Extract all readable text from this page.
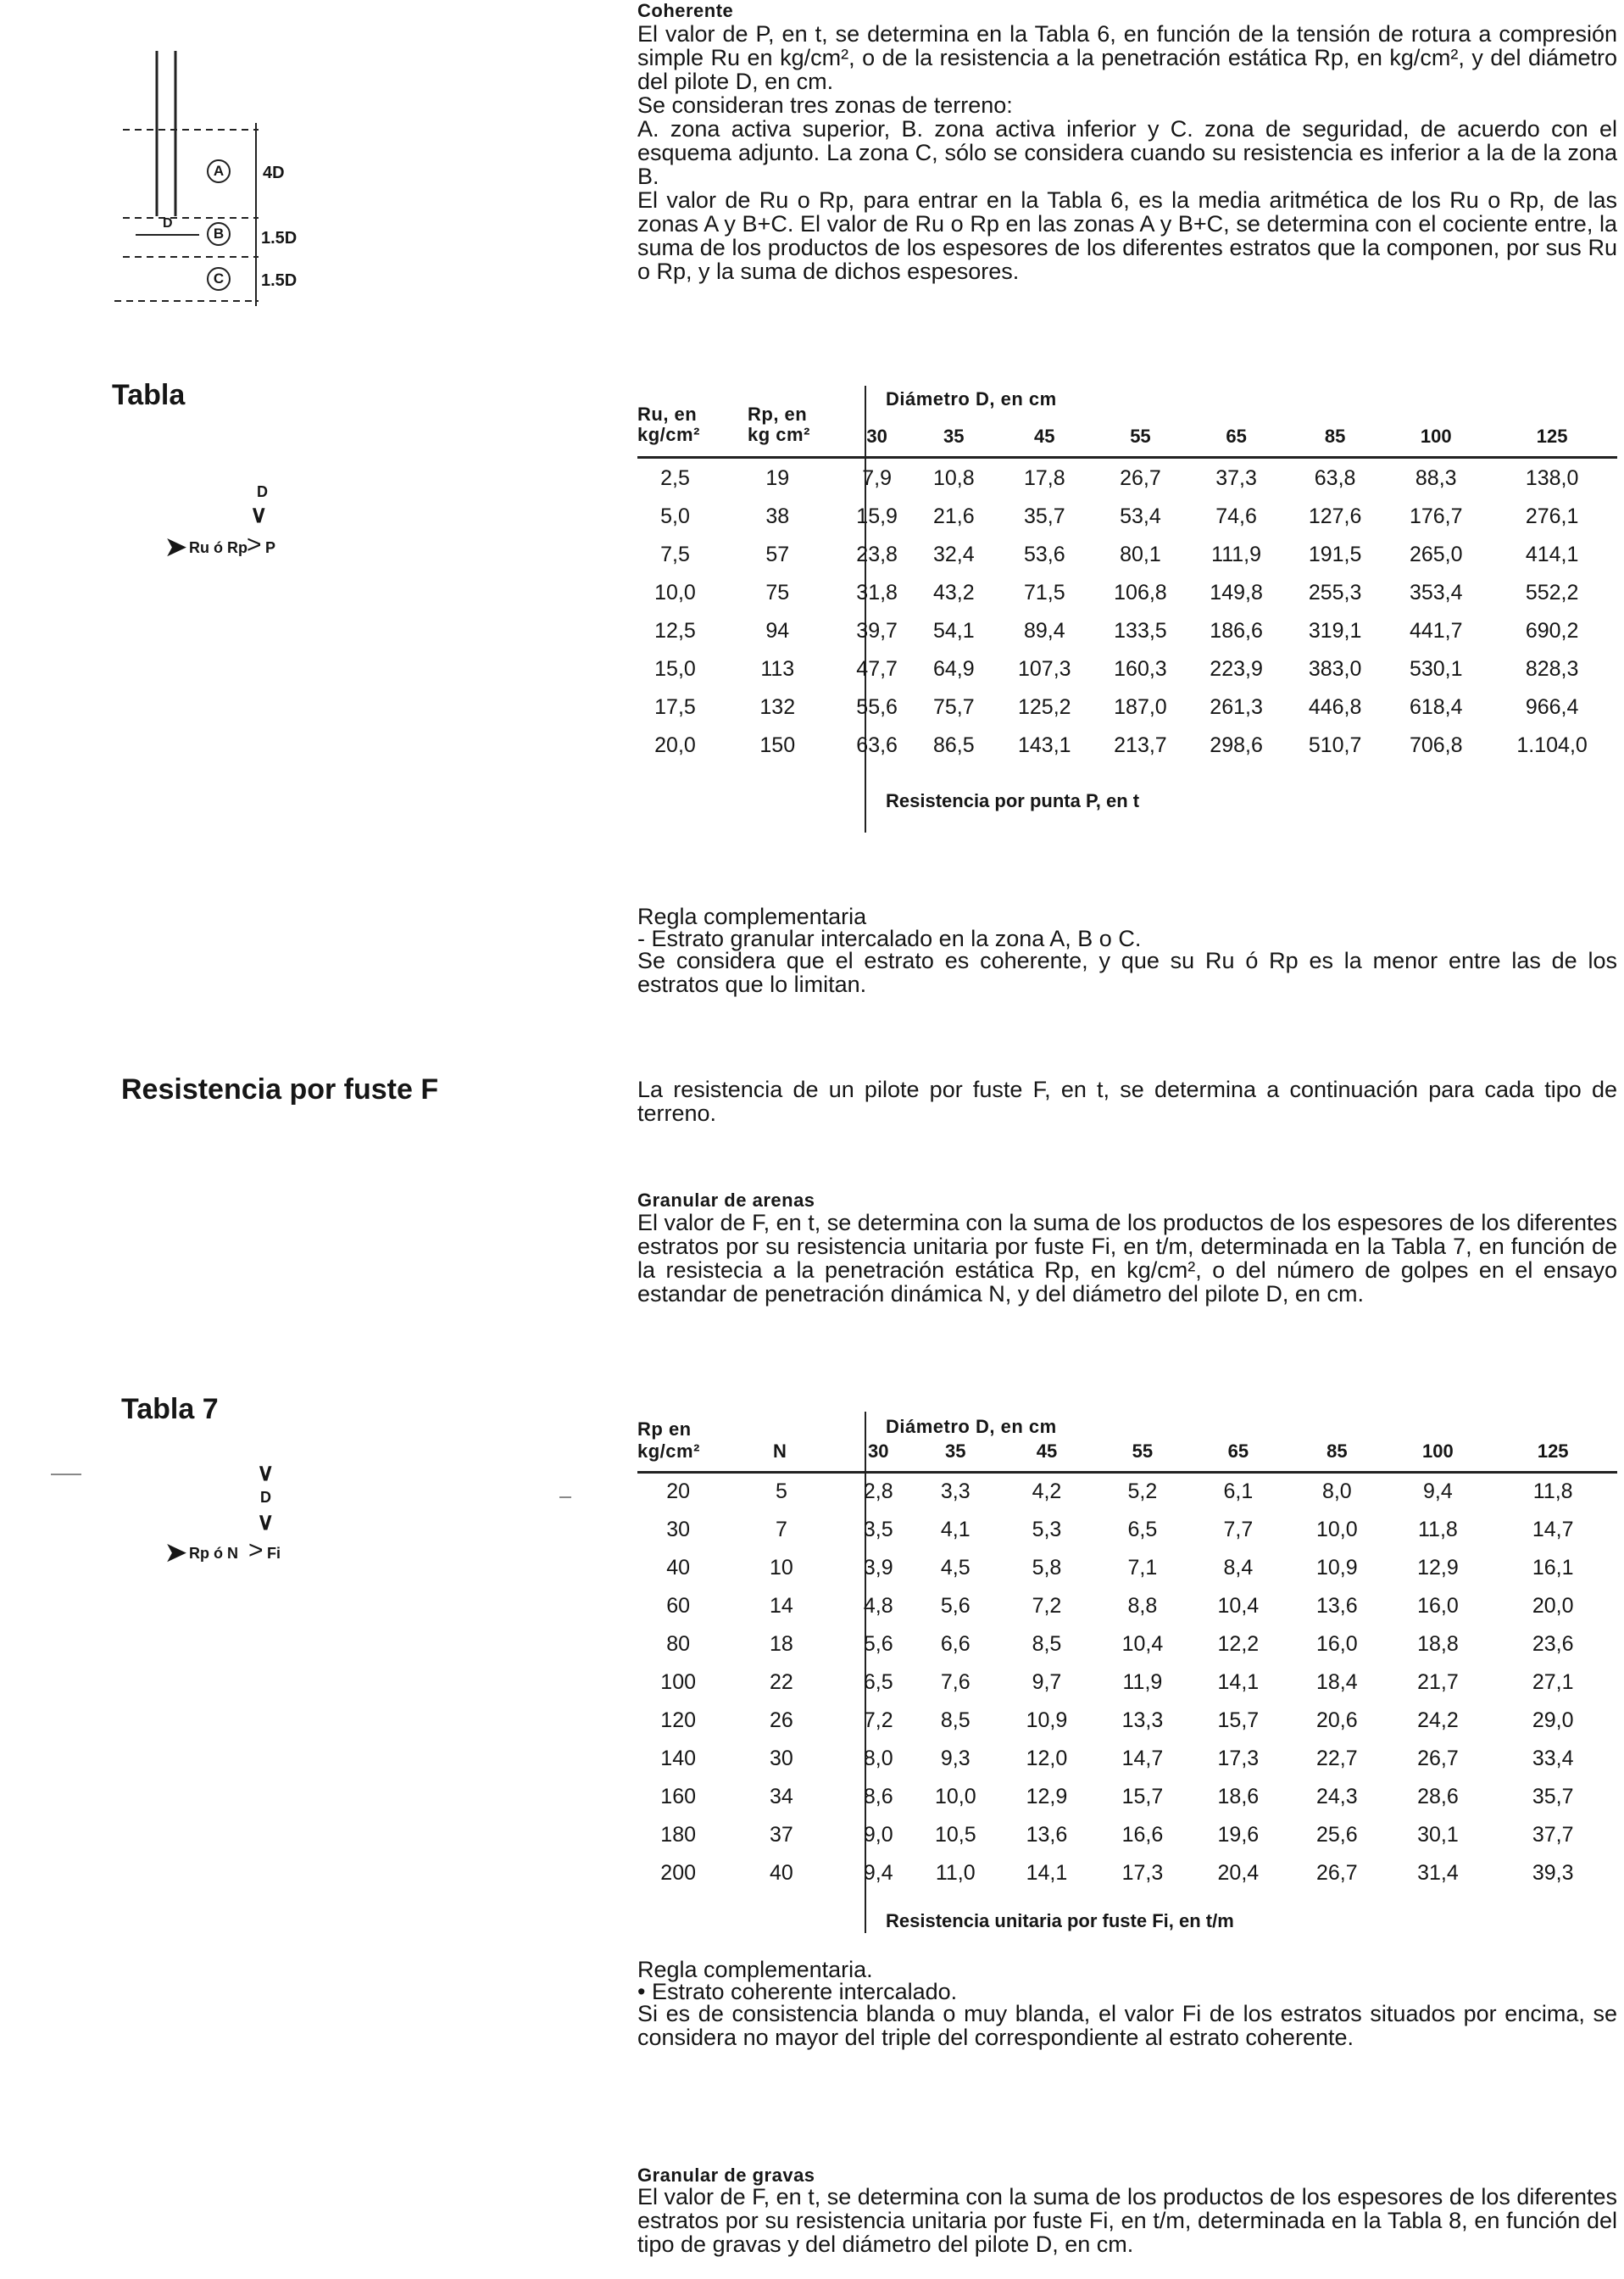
Coherente
El valor de P, en t, se determina en la Tabla 6, en función de la tensión de rotura a compresión simple Ru en kg/cm², o de la resistencia a la penetración estática Rp, en kg/cm², y del diámetro del pilote D, en cm.
Se consideran tres zonas de terreno:
A. zona activa superior, B. zona activa inferior y C. zona de seguridad, de acuerdo con el esquema adjunto. La zona C, sólo se considera cuando su resistencia es inferior a la de la zona B.
El valor de Ru o Rp, para entrar en la Tabla 6, es la media aritmética de los Ru o Rp, de las zonas A y B+C. El valor de Ru o Rp en las zonas A y B+C, se determina con el cociente entre, la suma de los productos de los espesores de los diferentes estratos que la componen, por sus Ru o Rp, y la suma de dichos espesores.
A
B
C
4D
1.5D
1.5D
D
Tabla
D
∨
➤ Ru ó Rp > P
Ru, en
kg/cm²
Rp, en
kg cm²
Diámetro D, en cm
		30	35	45	55	65	85	100	125

2,5	19	7,9	10,8	17,8	26,7	37,3	63,8	88,3	138,0
5,0	38	15,9	21,6	35,7	53,4	74,6	127,6	176,7	276,1
7,5	57	23,8	32,4	53,6	80,1	111,9	191,5	265,0	414,1
10,0	75	31,8	43,2	71,5	106,8	149,8	255,3	353,4	552,2
12,5	94	39,7	54,1	89,4	133,5	186,6	319,1	441,7	690,2
15,0	113	47,7	64,9	107,3	160,3	223,9	383,0	530,1	828,3
17,5	132	55,6	75,7	125,2	187,0	261,3	446,8	618,4	966,4
20,0	150	63,6	86,5	143,1	213,7	298,6	510,7	706,8	1.104,0
Resistencia por punta P, en t
Regla complementaria
- Estrato granular intercalado en la zona A, B o C.
Se considera que el estrato es coherente, y que su Ru ó Rp es la menor entre las de los estratos que lo limitan.
Resistencia por fuste F	La resistencia de un pilote por fuste F, en t, se determina a continuación para cada tipo de terreno.
Granular de arenas
El valor de F, en t, se determina con la suma de los productos de los espesores de los diferentes estratos por su resistencia unitaria por fuste Fi, en t/m, determinada en la Tabla 7, en función de la resistecia a la penetración estática Rp, en kg/cm², o del número de golpes en el ensayo estandar de penetración dinámica N, y del diámetro del pilote D, en cm.
Tabla 7
∨
D
∨
➤ Rp ó N > Fi
Rp en
kg/cm²	N
Diámetro D, en cm
		30	35	45	55	65	85	100	125

20	5	2,8	3,3	4,2	5,2	6,1	8,0	9,4	11,8
30	7	3,5	4,1	5,3	6,5	7,7	10,0	11,8	14,7
40	10	3,9	4,5	5,8	7,1	8,4	10,9	12,9	16,1
60	14	4,8	5,6	7,2	8,8	10,4	13,6	16,0	20,0
80	18	5,6	6,6	8,5	10,4	12,2	16,0	18,8	23,6
100	22	6,5	7,6	9,7	11,9	14,1	18,4	21,7	27,1
120	26	7,2	8,5	10,9	13,3	15,7	20,6	24,2	29,0
140	30	8,0	9,3	12,0	14,7	17,3	22,7	26,7	33,4
160	34	8,6	10,0	12,9	15,7	18,6	24,3	28,6	35,7
180	37	9,0	10,5	13,6	16,6	19,6	25,6	30,1	37,7
200	40	9,4	11,0	14,1	17,3	20,4	26,7	31,4	39,3
Resistencia unitaria por fuste Fi, en t/m
Regla complementaria.
• Estrato coherente intercalado.
Si es de consistencia blanda o muy blanda, el valor Fi de los estratos situados por encima, se considera no mayor del triple del correspondiente al estrato coherente.
Granular de gravas
El valor de F, en t, se determina con la suma de los productos de los espesores de los diferentes estratos por su resistencia unitaria por fuste Fi, en t/m, determinada en la Tabla 8, en función del tipo de gravas y del diámetro del pilote D, en cm.
